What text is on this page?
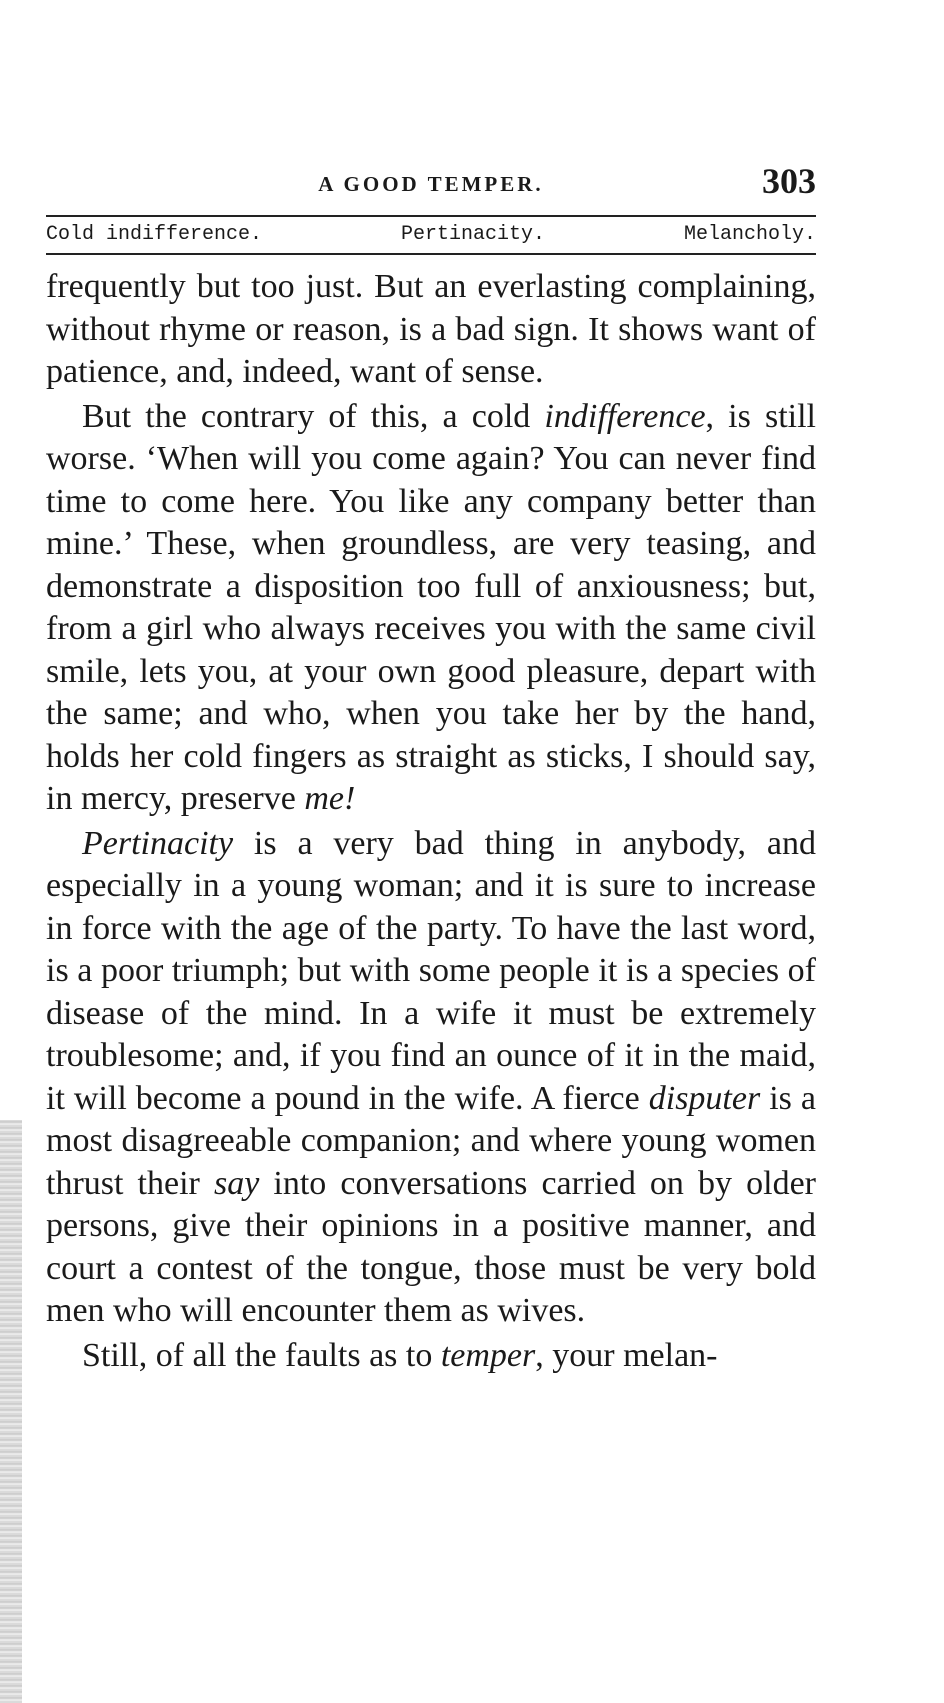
A GOOD TEMPER.	303
Cold indifference.	Pertinacity.	Melancholy.

frequently but too just. But an everlasting complaining, without rhyme or reason, is a bad sign. It shows want of patience, and, indeed, want of sense.

But the contrary of this, a cold indifference, is still worse. ‘When will you come again? You can never find time to come here. You like any company better than mine.’ These, when groundless, are very teasing, and demonstrate a disposition too full of anxiousness; but, from a girl who always receives you with the same civil smile, lets you, at your own good pleasure, depart with the same; and who, when you take her by the hand, holds her cold fingers as straight as sticks, I should say, in mercy, preserve me!

Pertinacity is a very bad thing in anybody, and especially in a young woman; and it is sure to increase in force with the age of the party. To have the last word, is a poor triumph; but with some people it is a species of disease of the mind. In a wife it must be extremely troublesome; and, if you find an ounce of it in the maid, it will become a pound in the wife. A fierce disputer is a most disagreeable companion; and where young women thrust their say into conversations carried on by older persons, give their opinions in a positive manner, and court a contest of the tongue, those must be very bold men who will encounter them as wives.

Still, of all the faults as to temper, your melan-
